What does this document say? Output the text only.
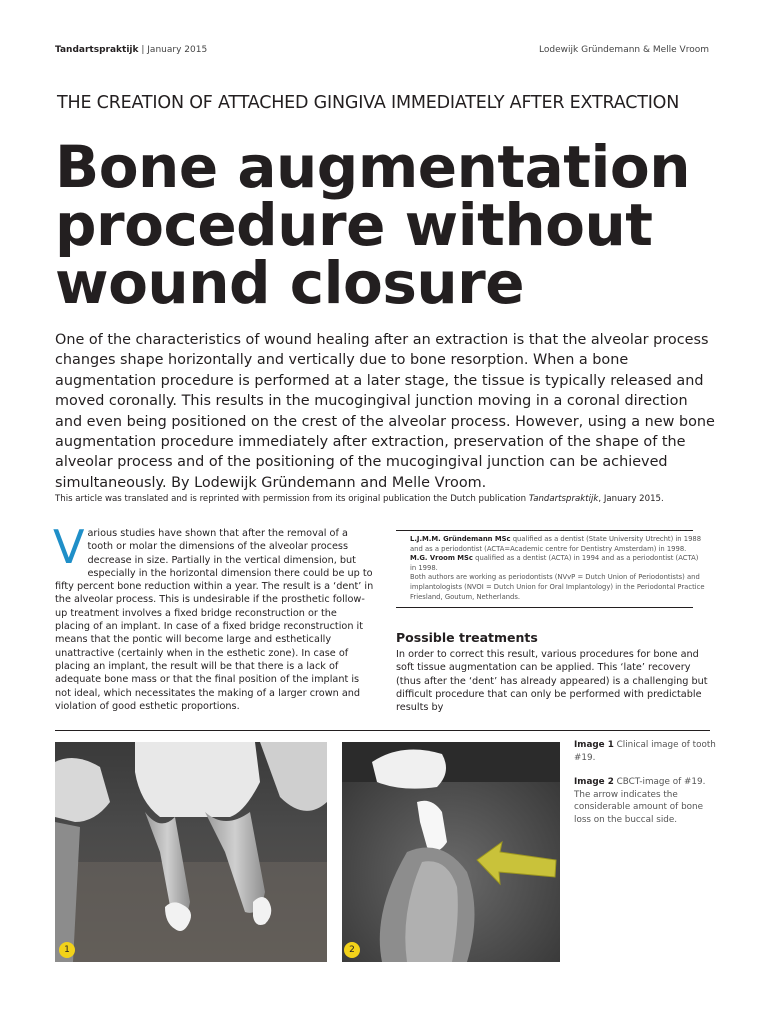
Tandartspraktijk | January 2015	Lodewijk Gründemann & Melle Vroom
THE CREATION OF ATTACHED GINGIVA IMMEDIATELY AFTER EXTRACTION
Bone augmentation
procedure without
wound closure

One of the characteristics of wound healing after an extraction is that the alveolar process changes shape horizontally and vertically due to bone resorption. When a bone augmentation procedure is performed at a later stage, the tissue is typically released and moved coronally. This results in the mucogingival junction moving in a coronal direction and even being positioned on the crest of the alveolar process. However, using a new bone augmentation procedure immediately after extraction, preservation of the shape of the alveolar process and of the positioning of the mucogingival junction can be achieved simultaneously. By Lodewijk Gründemann and Melle Vroom.

This article was translated and is reprinted with permission from its original publication the Dutch publication Tandartspraktijk, January 2015.

Various studies have shown that after the removal of a tooth or molar the dimensions of the alveolar process decrease in size. Partially in the vertical dimension, but especially in the horizontal dimension there could be up to fifty percent bone reduction within a year. The result is a ‘dent’ in the alveolar process. This is undesirable if the prosthetic follow-up treatment involves a fixed bridge reconstruction or the placing of an implant. In case of a fixed bridge reconstruction it means that the pontic will become large and esthetically unattractive (certainly when in the esthetic zone). In case of placing an implant, the result will be that there is a lack of adequate bone mass or that the final position of the implant is not ideal, which necessitates the making of a larger crown and violation of good esthetic proportions.

L.J.M.M. Gründemann MSc qualified as a dentist (State University Utrecht) in 1988 and as a periodontist (ACTA=Academic centre for Dentistry Amsterdam) in 1998.
M.G. Vroom MSc qualified as a dentist (ACTA) in 1994 and as a periodontist (ACTA) in 1998.
Both authors are working as periodontists (NVvP = Dutch Union of Periodontists) and implantologists (NVOI = Dutch Union for Oral Implantology) in the Periodontal Practice Friesland, Goutum, Netherlands.

Possible treatments

In order to correct this result, various procedures for bone and soft tissue augmentation can be applied. This ‘late’ recovery (thus after the ‘dent’ has already appeared) is a challenging but difficult procedure that can only be performed with predictable results by

1	2

Image 1 Clinical image of tooth #19.

Image 2 CBCT-image of #19. The arrow indicates the considerable amount of bone loss on the buccal side.
